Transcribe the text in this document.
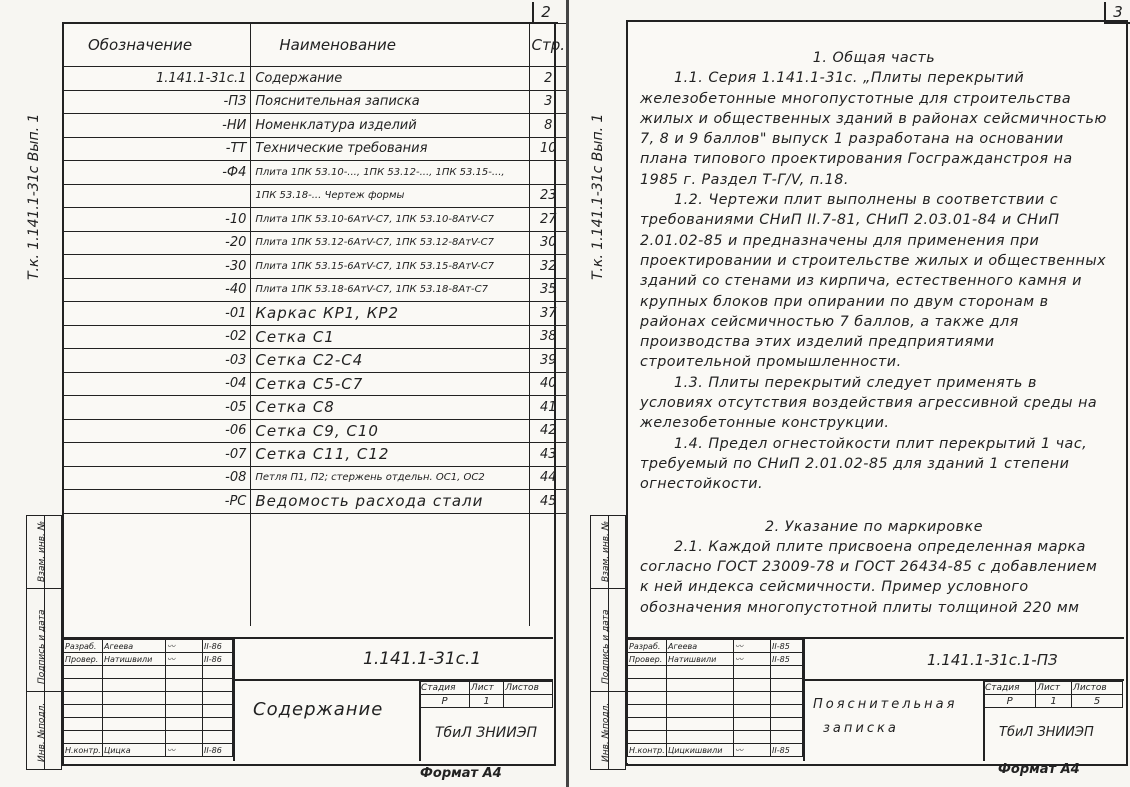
2
Т.к. 1.141.1-31с Вып. 1
Взам. инв. №	

Подпись и дата	

Инв. №подл.	

Обозначение	Наименование	Стр.
1.141.1-31с.1	Содержание	2
-ПЗ	Пояснительная записка	3
-НИ	Номенклатура изделий	8
-ТТ	Технические требования	10
-Ф4	Плита 1ПК 53.10-..., 1ПК 53.12-..., 1ПК 53.15-...,	
	1ПК 53.18-... Чертеж формы	23
-10	Плита 1ПК 53.10-6АтV-С7, 1ПК 53.10-8АтV-С7	27
-20	Плита 1ПК 53.12-6АтV-С7, 1ПК 53.12-8АтV-С7	30
-30	Плита 1ПК 53.15-6АтV-С7, 1ПК 53.15-8АтV-С7	32
-40	Плита 1ПК 53.18-6АтV-С7, 1ПК 53.18-8Ат-С7	35
-01	Каркас КР1, КР2	37
-02	Сетка С1	38
-03	Сетка С2-С4	39
-04	Сетка С5-С7	40
-05	Сетка С8	41
-06	Сетка С9, С10	42
-07	Сетка С11, С12	43
-08	Петля П1, П2; стержень отдельн. ОС1, ОС2	44
-РС	Ведомость расхода стали	45

Разраб.	Агеева	〰	II-86
Провер.	Натишвили	〰	II-86

Н.контр.	Цицка	〰	II-86
1.141.1-31с.1
Содержание
Стадия	Лист	Листов
Р	1	
ТбиЛ ЗНИИЭП
Формат А4
3
Т.к. 1.141.1-31с Вып. 1
Взам. инв. №	

Подпись и дата	

Инв. №подл.	

1. Общая часть

1.1. Серия 1.141.1-31с. „Плиты перекрытий железобетонные многопустотные для строительства жилых и общественных зданий в районах сейсмичностью 7, 8 и 9 баллов" выпуск 1 разработана на основании плана типового проектирования Госгражданстроя на 1985 г. Раздел Т-Г/V, п.18.

1.2. Чертежи плит выполнены в соответствии с требованиями СНиП II.7-81, СНиП 2.03.01-84 и СНиП 2.01.02-85 и предназначены для применения при проектировании и строительстве жилых и общественных зданий со стенами из кирпича, естественного камня и крупных блоков при опирании по двум сторонам в районах сейсмичностью 7 баллов, а также для производства этих изделий предприятиями строительной промышленности.

1.3. Плиты перекрытий следует применять в условиях отсутствия воздействия агрессивной среды на железобетонные конструкции.

1.4. Предел огнестойкости плит перекрытий 1 час, требуемый по СНиП 2.01.02-85 для зданий 1 степени огнестойкости.

2. Указание по маркировке

2.1. Каждой плите присвоена определенная марка согласно ГОСТ 23009-78 и ГОСТ 26434-85 с добавлением к ней индекса сейсмичности. Пример условного обозначения многопустотной плиты толщиной 220 мм

Разраб.	Агеева	〰	II-85
Провер.	Натишвили	〰	II-85

Н.контр.	Цицкишвили	〰	II-85
1.141.1-31с.1-ПЗ
Пояснительная
записка
Стадия	Лист	Листов
Р	1	5
ТбиЛ ЗНИИЭП
Формат А4
